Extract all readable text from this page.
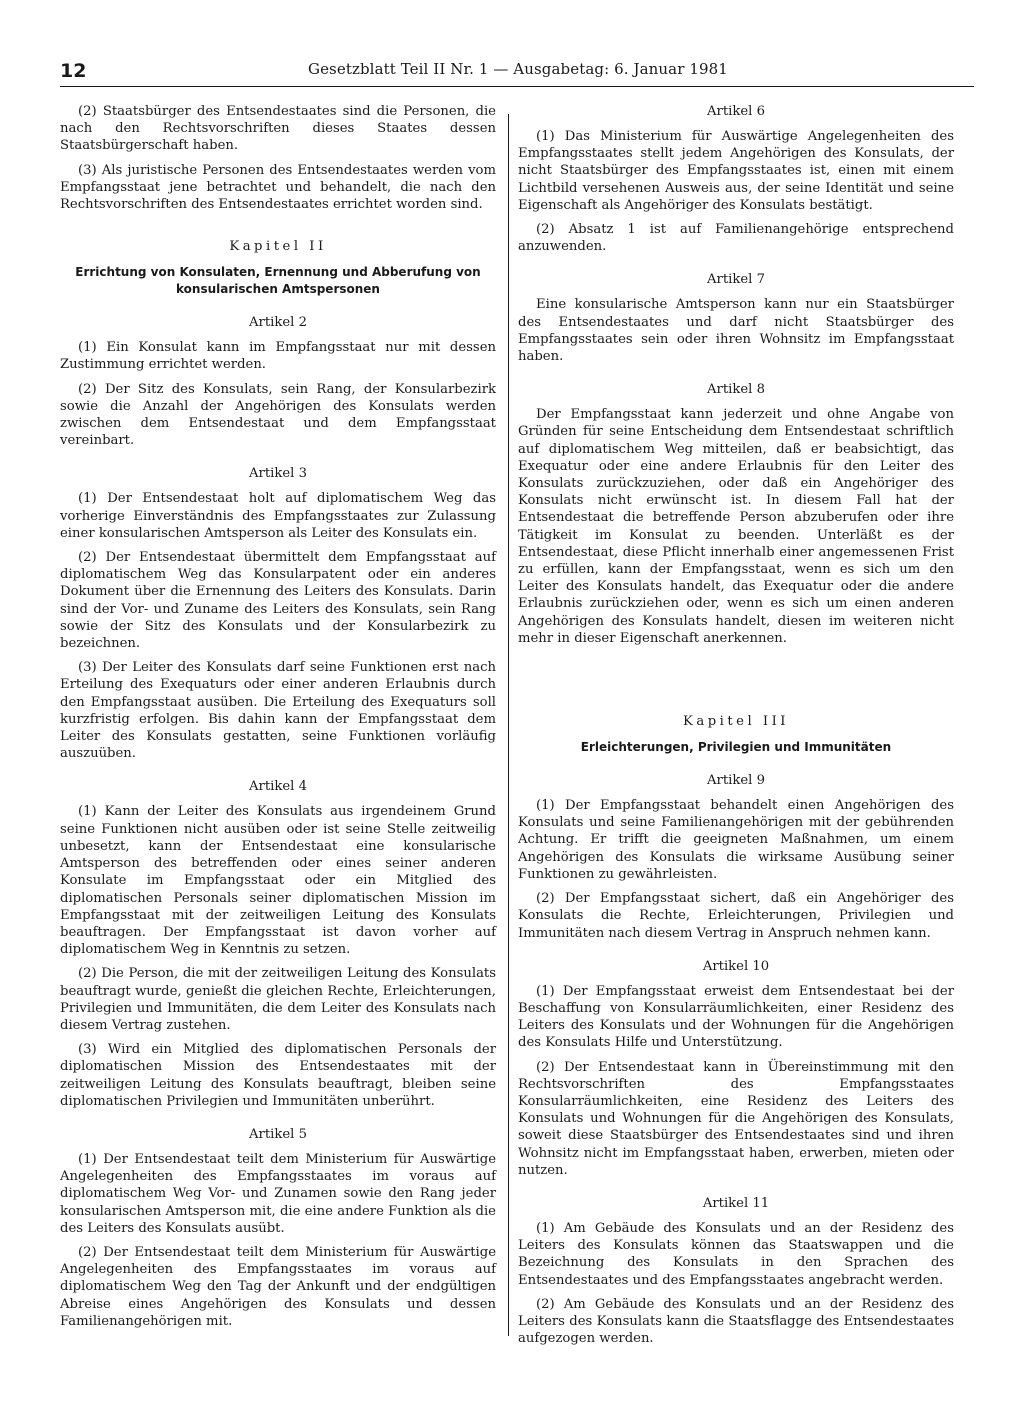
12	Gesetzblatt Teil II Nr. 1 — Ausgabetag: 6. Januar 1981

(2) Staatsbürger des Entsendestaates sind die Personen, die nach den Rechtsvorschriften dieses Staates dessen Staatsbürgerschaft haben.

(3) Als juristische Personen des Entsendestaates werden vom Empfangsstaat jene betrachtet und behandelt, die nach den Rechtsvorschriften des Entsendestaates errichtet worden sind.

Kapitel II
Errichtung von Konsulaten, Ernennung und Abberufung von konsularischen Amtspersonen
Artikel 2

(1) Ein Konsulat kann im Empfangsstaat nur mit dessen Zustimmung errichtet werden.

(2) Der Sitz des Konsulats, sein Rang, der Konsularbezirk sowie die Anzahl der Angehörigen des Konsulats werden zwischen dem Entsendestaat und dem Empfangsstaat vereinbart.

Artikel 3

(1) Der Entsendestaat holt auf diplomatischem Weg das vorherige Einverständnis des Empfangsstaates zur Zulassung einer konsularischen Amtsperson als Leiter des Konsulats ein.

(2) Der Entsendestaat übermittelt dem Empfangsstaat auf diplomatischem Weg das Konsularpatent oder ein anderes Dokument über die Ernennung des Leiters des Konsulats. Darin sind der Vor- und Zuname des Leiters des Konsulats, sein Rang sowie der Sitz des Konsulats und der Konsularbezirk zu bezeichnen.

(3) Der Leiter des Konsulats darf seine Funktionen erst nach Erteilung des Exequaturs oder einer anderen Erlaubnis durch den Empfangsstaat ausüben. Die Erteilung des Exequaturs soll kurzfristig erfolgen. Bis dahin kann der Empfangsstaat dem Leiter des Konsulats gestatten, seine Funktionen vorläufig auszuüben.

Artikel 4

(1) Kann der Leiter des Konsulats aus irgendeinem Grund seine Funktionen nicht ausüben oder ist seine Stelle zeitweilig unbesetzt, kann der Entsendestaat eine konsularische Amtsperson des betreffenden oder eines seiner anderen Konsulate im Empfangsstaat oder ein Mitglied des diplomatischen Personals seiner diplomatischen Mission im Empfangsstaat mit der zeitweiligen Leitung des Konsulats beauftragen. Der Empfangsstaat ist davon vorher auf diplomatischem Weg in Kenntnis zu setzen.

(2) Die Person, die mit der zeitweiligen Leitung des Konsulats beauftragt wurde, genießt die gleichen Rechte, Erleichterungen, Privilegien und Immunitäten, die dem Leiter des Konsulats nach diesem Vertrag zustehen.

(3) Wird ein Mitglied des diplomatischen Personals der diplomatischen Mission des Entsendestaates mit der zeitweiligen Leitung des Konsulats beauftragt, bleiben seine diplomatischen Privilegien und Immunitäten unberührt.

Artikel 5

(1) Der Entsendestaat teilt dem Ministerium für Auswärtige Angelegenheiten des Empfangsstaates im voraus auf diplomatischem Weg Vor- und Zunamen sowie den Rang jeder konsularischen Amtsperson mit, die eine andere Funktion als die des Leiters des Konsulats ausübt.

(2) Der Entsendestaat teilt dem Ministerium für Auswärtige Angelegenheiten des Empfangsstaates im voraus auf diplomatischem Weg den Tag der Ankunft und der endgültigen Abreise eines Angehörigen des Konsulats und dessen Familienangehörigen mit.

Artikel 6

(1) Das Ministerium für Auswärtige Angelegenheiten des Empfangsstaates stellt jedem Angehörigen des Konsulats, der nicht Staatsbürger des Empfangsstaates ist, einen mit einem Lichtbild versehenen Ausweis aus, der seine Identität und seine Eigenschaft als Angehöriger des Konsulats bestätigt.

(2) Absatz 1 ist auf Familienangehörige entsprechend anzuwenden.

Artikel 7

Eine konsularische Amtsperson kann nur ein Staatsbürger des Entsendestaates und darf nicht Staatsbürger des Empfangsstaates sein oder ihren Wohnsitz im Empfangsstaat haben.

Artikel 8

Der Empfangsstaat kann jederzeit und ohne Angabe von Gründen für seine Entscheidung dem Entsendestaat schriftlich auf diplomatischem Weg mitteilen, daß er beabsichtigt, das Exequatur oder eine andere Erlaubnis für den Leiter des Konsulats zurückzuziehen, oder daß ein Angehöriger des Konsulats nicht erwünscht ist. In diesem Fall hat der Entsendestaat die betreffende Person abzuberufen oder ihre Tätigkeit im Konsulat zu beenden. Unterläßt es der Entsendestaat, diese Pflicht innerhalb einer angemessenen Frist zu erfüllen, kann der Empfangsstaat, wenn es sich um den Leiter des Konsulats handelt, das Exequatur oder die andere Erlaubnis zurückziehen oder, wenn es sich um einen anderen Angehörigen des Konsulats handelt, diesen im weiteren nicht mehr in dieser Eigenschaft anerkennen.

Kapitel III
Erleichterungen, Privilegien und Immunitäten
Artikel 9

(1) Der Empfangsstaat behandelt einen Angehörigen des Konsulats und seine Familienangehörigen mit der gebührenden Achtung. Er trifft die geeigneten Maßnahmen, um einem Angehörigen des Konsulats die wirksame Ausübung seiner Funktionen zu gewährleisten.

(2) Der Empfangsstaat sichert, daß ein Angehöriger des Konsulats die Rechte, Erleichterungen, Privilegien und Immunitäten nach diesem Vertrag in Anspruch nehmen kann.

Artikel 10

(1) Der Empfangsstaat erweist dem Entsendestaat bei der Beschaffung von Konsularräumlichkeiten, einer Residenz des Leiters des Konsulats und der Wohnungen für die Angehörigen des Konsulats Hilfe und Unterstützung.

(2) Der Entsendestaat kann in Übereinstimmung mit den Rechtsvorschriften des Empfangsstaates Konsularräumlichkeiten, eine Residenz des Leiters des Konsulats und Wohnungen für die Angehörigen des Konsulats, soweit diese Staatsbürger des Entsendestaates sind und ihren Wohnsitz nicht im Empfangsstaat haben, erwerben, mieten oder nutzen.

Artikel 11

(1) Am Gebäude des Konsulats und an der Residenz des Leiters des Konsulats können das Staatswappen und die Bezeichnung des Konsulats in den Sprachen des Entsendestaates und des Empfangsstaates angebracht werden.

(2) Am Gebäude des Konsulats und an der Residenz des Leiters des Konsulats kann die Staatsflagge des Entsendestaates aufgezogen werden.
